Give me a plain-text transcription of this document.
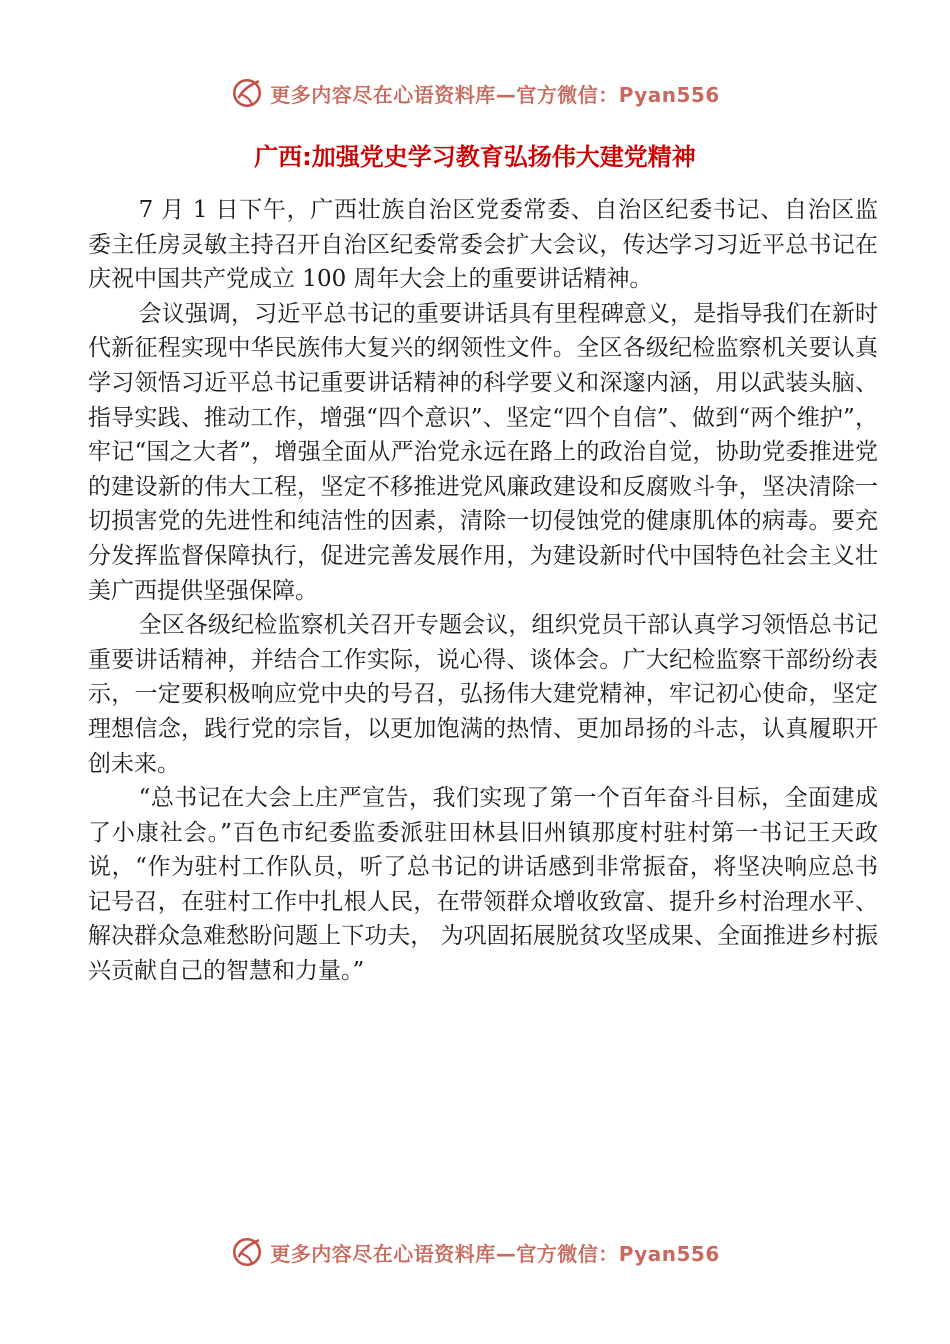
更多内容尽在心语资料库—官方微信：Pyan556
广西:加强党史学习教育弘扬伟大建党精神

7 月 1 日下午，广西壮族自治区党委常委、自治区纪委书记、自治区监委主任房灵敏主持召开自治区纪委常委会扩大会议，传达学习习近平总书记在庆祝中国共产党成立 100 周年大会上的重要讲话精神。

会议强调，习近平总书记的重要讲话具有里程碑意义，是指导我们在新时代新征程实现中华民族伟大复兴的纲领性文件。全区各级纪检监察机关要认真学习领悟习近平总书记重要讲话精神的科学要义和深邃内涵，用以武装头脑、指导实践、推动工作，增强“四个意识”、坚定“四个自信”、做到“两个维护”，牢记“国之大者”，增强全面从严治党永远在路上的政治自觉，协助党委推进党的建设新的伟大工程，坚定不移推进党风廉政建设和反腐败斗争，坚决清除一切损害党的先进性和纯洁性的因素，清除一切侵蚀党的健康肌体的病毒。要充分发挥监督保障执行，促进完善发展作用，为建设新时代中国特色社会主义壮美广西提供坚强保障。

全区各级纪检监察机关召开专题会议，组织党员干部认真学习领悟总书记重要讲话精神，并结合工作实际，说心得、谈体会。广大纪检监察干部纷纷表示，一定要积极响应党中央的号召，弘扬伟大建党精神，牢记初心使命，坚定理想信念，践行党的宗旨，以更加饱满的热情、更加昂扬的斗志，认真履职开创未来。

“总书记在大会上庄严宣告，我们实现了第一个百年奋斗目标，全面建成了小康社会。”百色市纪委监委派驻田林县旧州镇那度村驻村第一书记王天政说，“作为驻村工作队员，听了总书记的讲话感到非常振奋，将坚决响应总书记号召，在驻村工作中扎根人民，在带领群众增收致富、提升乡村治理水平、解决群众急难愁盼问题上下功夫， 为巩固拓展脱贫攻坚成果、全面推进乡村振兴贡献自己的智慧和力量。”

更多内容尽在心语资料库—官方微信：Pyan556
